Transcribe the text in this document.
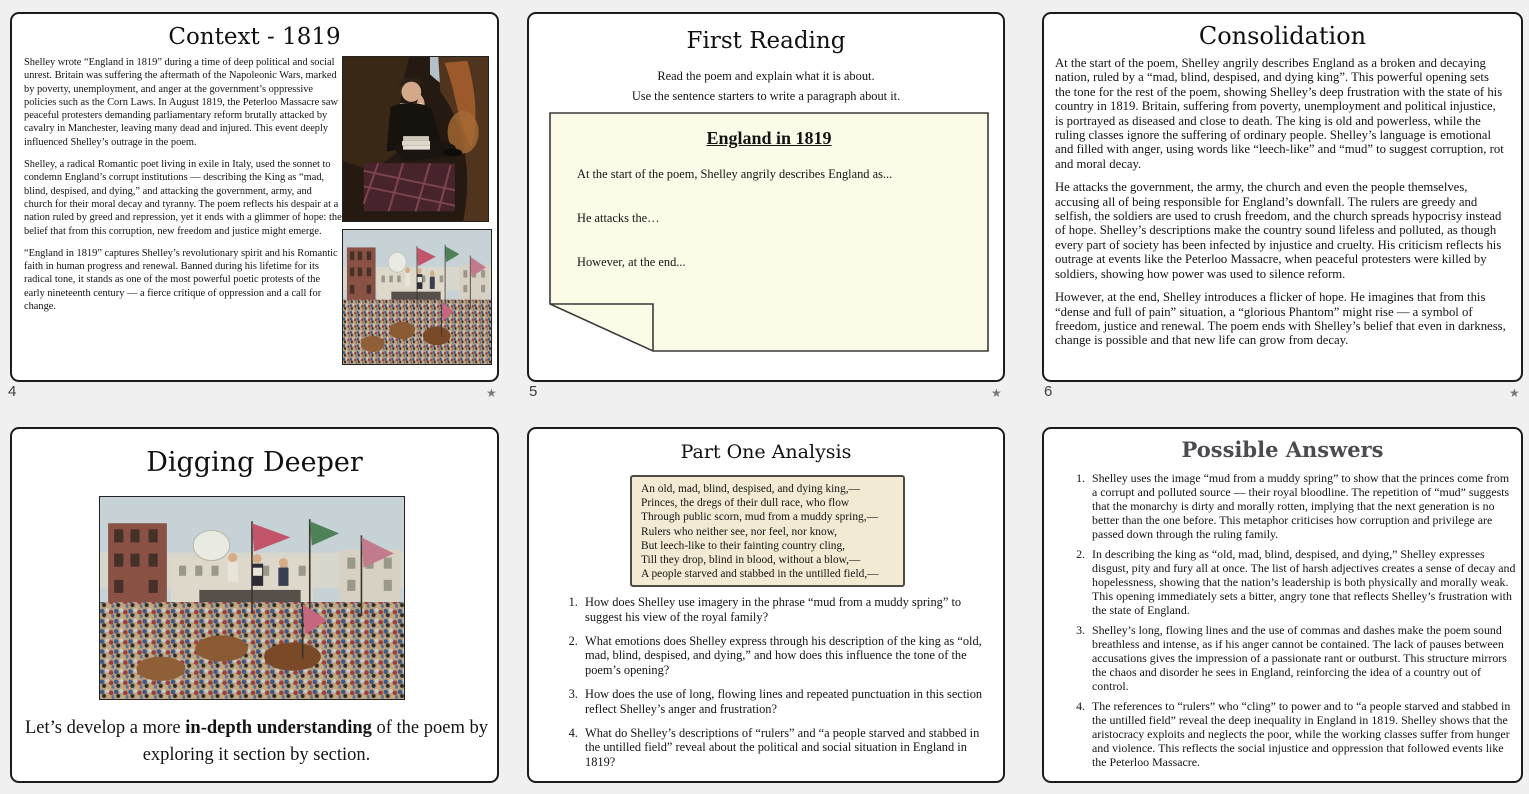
Context - 1819

Shelley wrote “England in 1819” during a time of deep political and social unrest. Britain was suffering the aftermath of the Napoleonic Wars, marked by poverty, unemployment, and anger at the government’s oppressive policies such as the Corn Laws. In August 1819, the Peterloo Massacre saw peaceful protesters demanding parliamentary reform brutally attacked by cavalry in Manchester, leaving many dead and injured. This event deeply influenced Shelley’s outrage in the poem.

Shelley, a radical Romantic poet living in exile in Italy, used the sonnet to condemn England’s corrupt institutions — describing the King as “mad, blind, despised, and dying,” and attacking the government, army, and church for their moral decay and tyranny. The poem reflects his despair at a nation ruled by greed and repression, yet it ends with a glimmer of hope: the belief that from this corruption, new freedom and justice might emerge.

“England in 1819” captures Shelley’s revolutionary spirit and his Romantic faith in human progress and renewal. Banned during his lifetime for its radical tone, it stands as one of the most powerful poetic protests of the early nineteenth century — a fierce critique of oppression and a call for change.

First Reading
Read the poem and explain what it is about.
Use the sentence starters to write a paragraph about it.
England in 1819
At the start of the poem, Shelley angrily describes England as...
He attacks the…
However, at the end...
Consolidation

At the start of the poem, Shelley angrily describes England as a broken and decaying nation, ruled by a “mad, blind, despised, and dying king”. This powerful opening sets the tone for the rest of the poem, showing Shelley’s deep frustration with the state of his country in 1819. Britain, suffering from poverty, unemployment and political injustice, is portrayed as diseased and close to death. The king is old and powerless, while the ruling classes ignore the suffering of ordinary people. Shelley’s language is emotional and filled with anger, using words like “leech-like” and “mud” to suggest corruption, rot and moral decay.

He attacks the government, the army, the church and even the people themselves, accusing all of being responsible for England’s downfall. The rulers are greedy and selfish, the soldiers are used to crush freedom, and the church spreads hypocrisy instead of hope. Shelley’s descriptions make the country sound lifeless and polluted, as though every part of society has been infected by injustice and cruelty. His criticism reflects his outrage at events like the Peterloo Massacre, when peaceful protesters were killed by soldiers, showing how power was used to silence reform.

However, at the end, Shelley introduces a flicker of hope. He imagines that from this “dense and full of pain” situation, a “glorious Phantom” might rise — a symbol of freedom, justice and renewal. The poem ends with Shelley’s belief that even in darkness, change is possible and that new life can grow from decay.

Digging Deeper
Let’s develop a more in-depth understanding of the poem by exploring it section by section.
Part One Analysis
An old, mad, blind, despised, and dying king,—
Princes, the dregs of their dull race, who flow
Through public scorn, mud from a muddy spring,—
Rulers who neither see, nor feel, nor know,
But leech-like to their fainting country cling,
Till they drop, blind in blood, without a blow,—
A people starved and stabbed in the untilled field,—
1. How does Shelley use imagery in the phrase “mud from a muddy spring” to suggest his view of the royal family?
2. What emotions does Shelley express through his description of the king as “old, mad, blind, despised, and dying,” and how does this influence the tone of the poem’s opening?
3. How does the use of long, flowing lines and repeated punctuation in this section reflect Shelley’s anger and frustration?
4. What do Shelley’s descriptions of “rulers” and “a people starved and stabbed in the untilled field” reveal about the political and social situation in England in 1819?
Possible Answers
1. Shelley uses the image “mud from a muddy spring” to show that the princes come from a corrupt and polluted source — their royal bloodline. The repetition of “mud” suggests that the monarchy is dirty and morally rotten, implying that the next generation is no better than the one before. This metaphor criticises how corruption and privilege are passed down through the ruling family.
2. In describing the king as “old, mad, blind, despised, and dying,” Shelley expresses disgust, pity and fury all at once. The list of harsh adjectives creates a sense of decay and hopelessness, showing that the nation’s leadership is both physically and morally weak. This opening immediately sets a bitter, angry tone that reflects Shelley’s frustration with the state of England.
3. Shelley’s long, flowing lines and the use of commas and dashes make the poem sound breathless and intense, as if his anger cannot be contained. The lack of pauses between accusations gives the impression of a passionate rant or outburst. This structure mirrors the chaos and disorder he sees in England, reinforcing the idea of a country out of control.
4. The references to “rulers” who “cling” to power and to “a people starved and stabbed in the untilled field” reveal the deep inequality in England in 1819. Shelley shows that the aristocracy exploits and neglects the poor, while the working classes suffer from hunger and violence. This reflects the social injustice and oppression that followed events like the Peterloo Massacre.
4	★ 5	★	6	★
